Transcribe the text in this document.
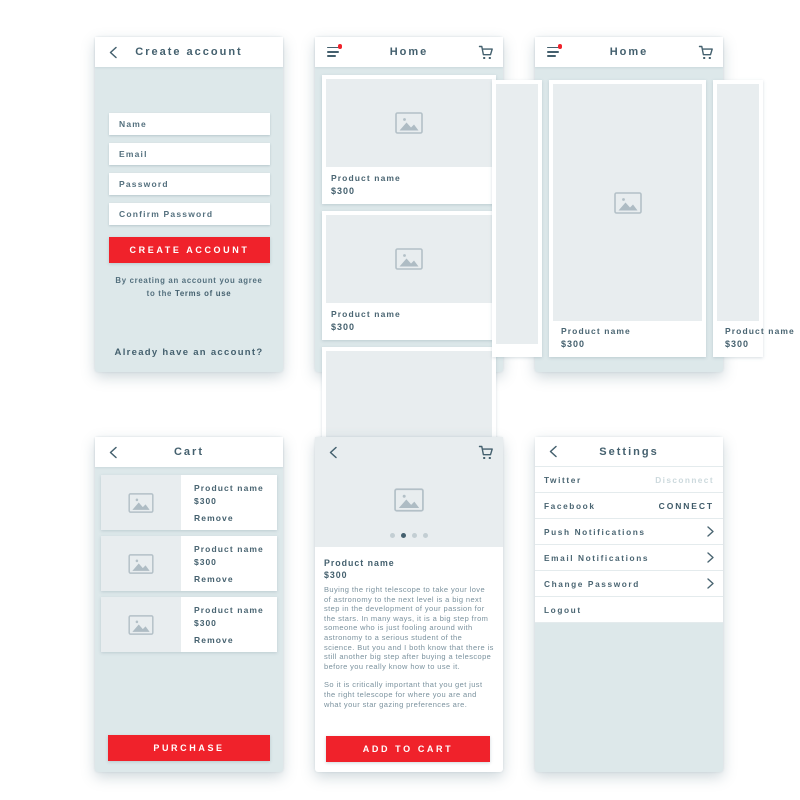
Create account
Name
Email
CREATE ACCOUNT
By creating an account you agree to the Terms of use
Already have an account?
Home
Product name
$300
Product name
$300
Home
Product name
$300
Product name
$300
Cart
Product name
$300
Remove
Product name
$300
Remove
Product name
$300
Remove
PURCHASE
Product name
$300

Buying the right telescope to take your love of astronomy to the next level is a big next step in the development of your passion for the stars. In many ways, it is a big step from someone who is just fooling around with astronomy to a serious student of the science. But you and I both know that there is still another big step after buying a telescope before you really know how to use it.

So it is critically important that you get just the right telescope for where you are and what your star gazing preferences are.

ADD TO CART
Settings
Twitter	Disconnect
Facebook	CONNECT
Push Notifications
Email Notifications
Change Password
Logout
